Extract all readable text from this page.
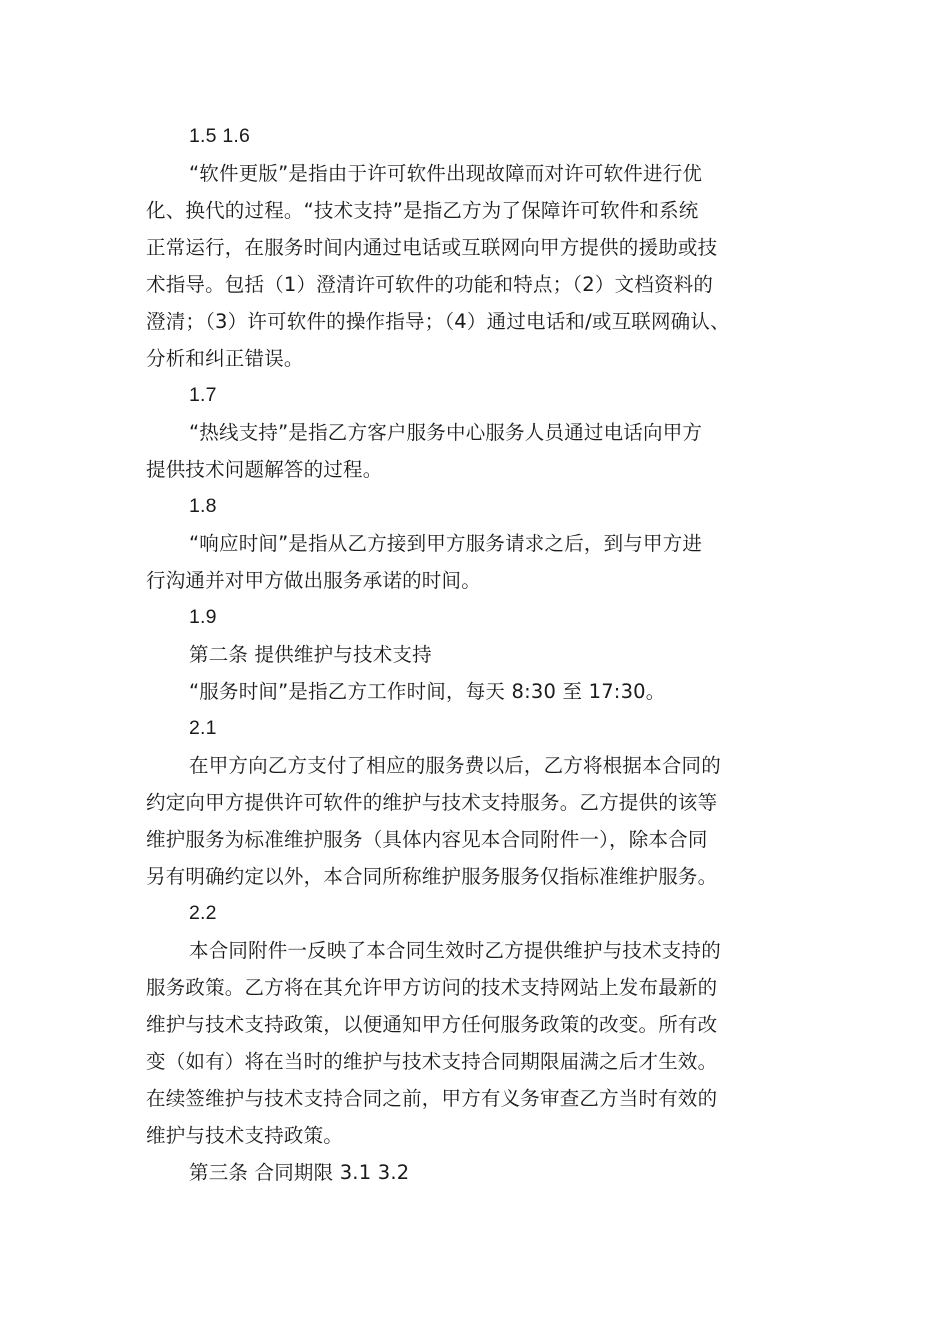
1.5 1.6
“软件更版”是指由于许可软件出现故障而对许可软件进行优
化、换代的过程。“技术支持”是指乙方为了保障许可软件和系统
正常运行，在服务时间内通过电话或互联网向甲方提供的援助或技
术指导。包括（1）澄清许可软件的功能和特点；（2）文档资料的
澄清；（3）许可软件的操作指导；（4）通过电话和/或互联网确认、
分析和纠正错误。
1.7
“热线支持”是指乙方客户服务中心服务人员通过电话向甲方
提供技术问题解答的过程。
1.8
“响应时间”是指从乙方接到甲方服务请求之后，到与甲方进
行沟通并对甲方做出服务承诺的时间。
1.9
第二条 提供维护与技术支持
“服务时间”是指乙方工作时间，每天 8:30 至 17:30。
2.1
在甲方向乙方支付了相应的服务费以后，乙方将根据本合同的
约定向甲方提供许可软件的维护与技术支持服务。乙方提供的该等
维护服务为标准维护服务（具体内容见本合同附件一），除本合同
另有明确约定以外，本合同所称维护服务服务仅指标准维护服务。
2.2
本合同附件一反映了本合同生效时乙方提供维护与技术支持的
服务政策。乙方将在其允许甲方访问的技术支持网站上发布最新的
维护与技术支持政策，以便通知甲方任何服务政策的改变。所有改
变（如有）将在当时的维护与技术支持合同期限届满之后才生效。
在续签维护与技术支持合同之前，甲方有义务审查乙方当时有效的
维护与技术支持政策。
第三条 合同期限 3.1 3.2
